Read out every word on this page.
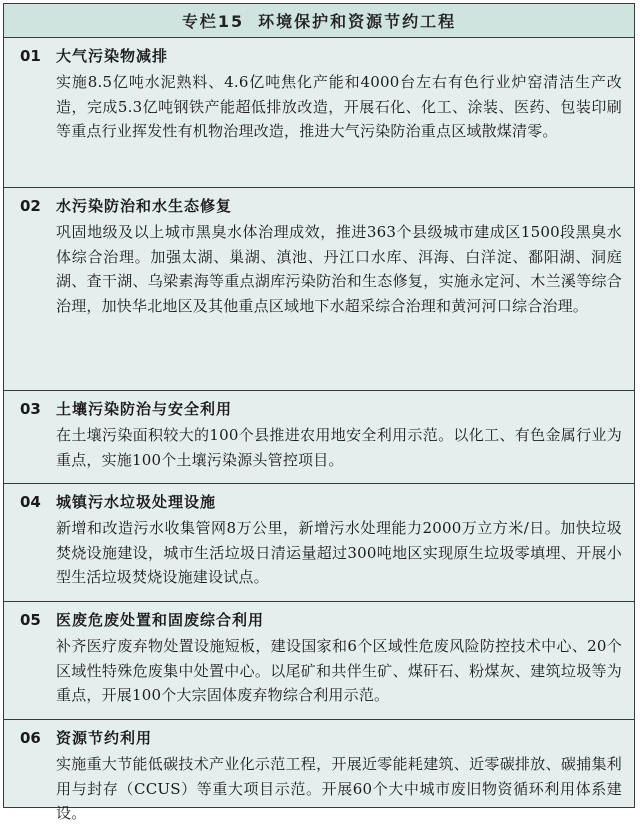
专栏15 环境保护和资源节约工程
01	大气污染物减排
实施8.5亿吨水泥熟料、4.6亿吨焦化产能和4000台左右有色行业炉窑清洁生产改造，完成5.3亿吨钢铁产能超低排放改造，开展石化、化工、涂装、医药、包装印刷等重点行业挥发性有机物治理改造，推进大气污染防治重点区域散煤清零。
02	水污染防治和水生态修复
巩固地级及以上城市黑臭水体治理成效，推进363个县级城市建成区1500段黑臭水体综合治理。加强太湖、巢湖、滇池、丹江口水库、洱海、白洋淀、鄱阳湖、洞庭湖、査干湖、乌梁素海等重点湖库污染防治和生态修复，实施永定河、木兰溪等综合治理，加快华北地区及其他重点区域地下水超采综合治理和黄河河口综合治理。
03	土壤污染防治与安全利用
在土壤污染面积较大的100个县推进农用地安全利用示范。以化工、有色金属行业为重点，实施100个土壤污染源头管控项目。
04	城镇污水垃圾处理设施
新增和改造污水收集管网8万公里，新增污水处理能力2000万立方米/日。加快垃圾焚烧设施建设，城市生活垃圾日清运量超过300吨地区实现原生垃圾零填埋、开展小型生活垃圾焚烧设施建设试点。
05	医废危废处置和固废综合利用
补齐医疗废弃物处置设施短板，建设国家和6个区域性危废风险防控技术中心、20个区域性特殊危废集中处置中心。以尾矿和共伴生矿、煤矸石、粉煤灰、建筑垃圾等为重点，开展100个大宗固体废弃物综合利用示范。
06	资源节约利用
实施重大节能低碳技术产业化示范工程，开展近零能耗建筑、近零碳排放、碳捕集利用与封存（CCUS）等重大项目示范。开展60个大中城市废旧物资循环利用体系建设。
